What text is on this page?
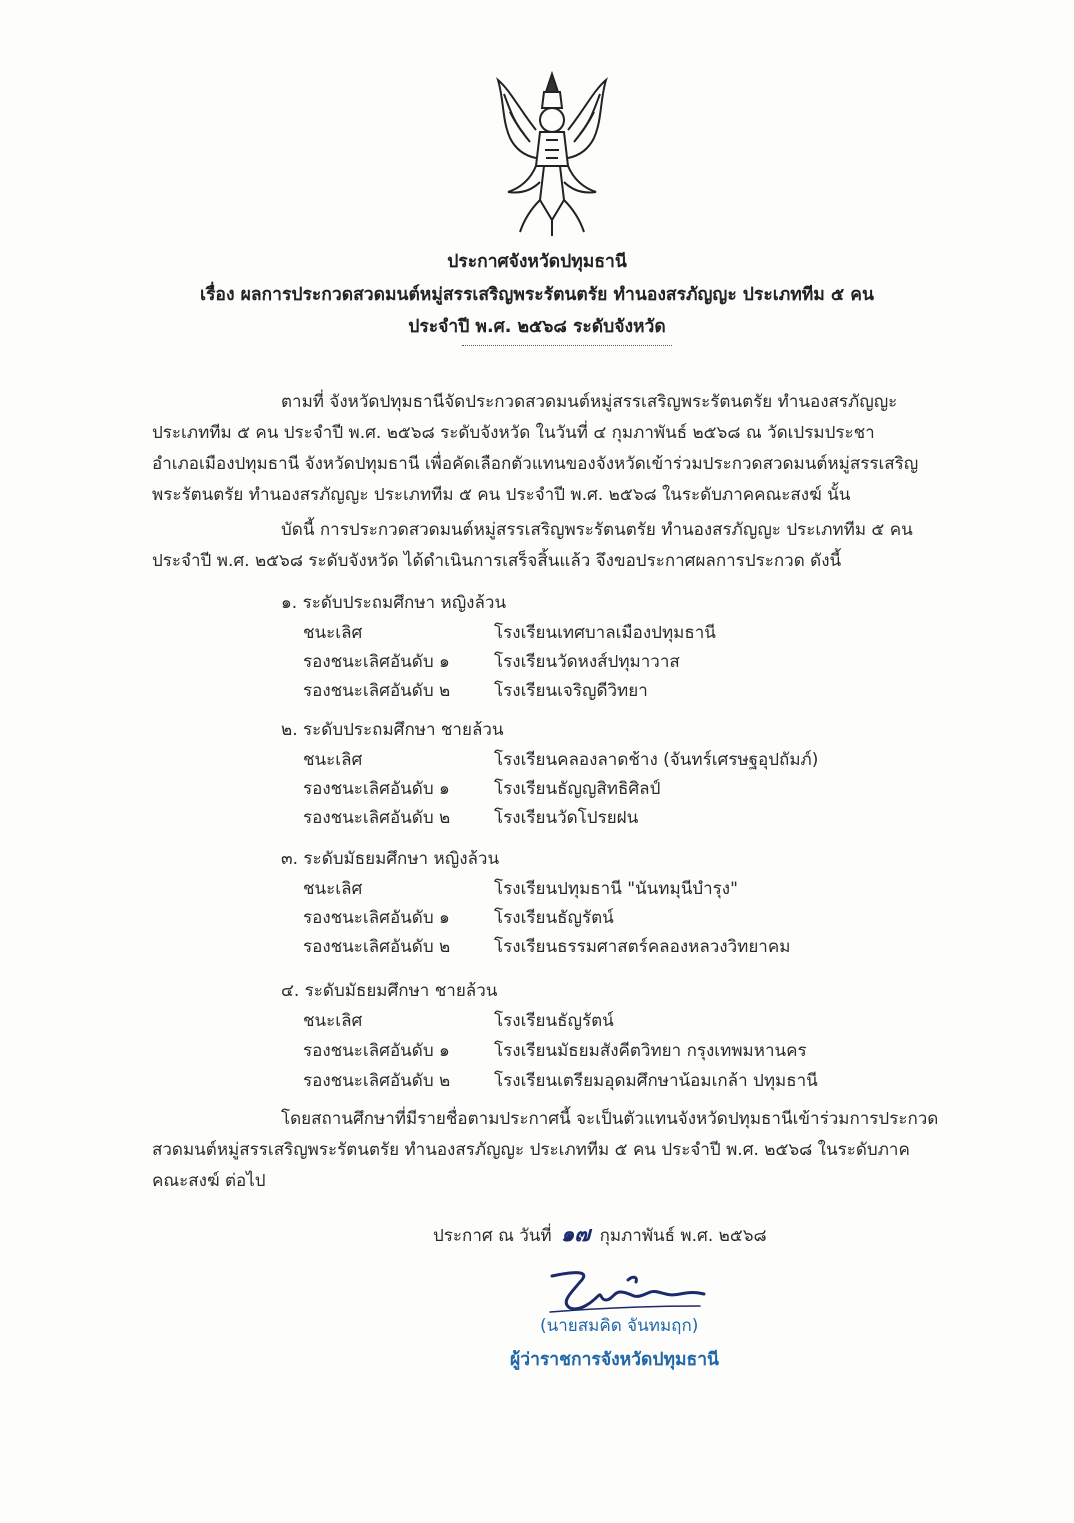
ประกาศจังหวัดปทุมธานี
เรื่อง ผลการประกวดสวดมนต์หมู่สรรเสริญพระรัตนตรัย ทำนองสรภัญญะ ประเภททีม ๕ คน
ประจำปี พ.ศ. ๒๕๖๘ ระดับจังหวัด
ตามที่ จังหวัดปทุมธานีจัดประกวดสวดมนต์หมู่สรรเสริญพระรัตนตรัย ทำนองสรภัญญะ
ประเภททีม ๕ คน ประจำปี พ.ศ. ๒๕๖๘ ระดับจังหวัด ในวันที่ ๔ กุมภาพันธ์ ๒๕๖๘ ณ วัดเปรมประชา
อำเภอเมืองปทุมธานี จังหวัดปทุมธานี เพื่อคัดเลือกตัวแทนของจังหวัดเข้าร่วมประกวดสวดมนต์หมู่สรรเสริญ
พระรัตนตรัย ทำนองสรภัญญะ ประเภททีม ๕ คน ประจำปี พ.ศ. ๒๕๖๘ ในระดับภาคคณะสงฆ์ นั้น
บัดนี้ การประกวดสวดมนต์หมู่สรรเสริญพระรัตนตรัย ทำนองสรภัญญะ ประเภททีม ๕ คน
ประจำปี พ.ศ. ๒๕๖๘ ระดับจังหวัด ได้ดำเนินการเสร็จสิ้นแล้ว จึงขอประกาศผลการประกวด ดังนี้
๑. ระดับประถมศึกษา หญิงล้วน
ชนะเลิศ	โรงเรียนเทศบาลเมืองปทุมธานี
รองชนะเลิศอันดับ ๑	โรงเรียนวัดหงส์ปทุมาวาส
รองชนะเลิศอันดับ ๒	โรงเรียนเจริญดีวิทยา
๒. ระดับประถมศึกษา ชายล้วน
ชนะเลิศ	โรงเรียนคลองลาดช้าง (จันทร์เศรษฐอุปถัมภ์)
รองชนะเลิศอันดับ ๑	โรงเรียนธัญญสิทธิศิลป์
รองชนะเลิศอันดับ ๒	โรงเรียนวัดโปรยฝน
๓. ระดับมัธยมศึกษา หญิงล้วน
ชนะเลิศ	โรงเรียนปทุมธานี "นันทมุนีบำรุง"
รองชนะเลิศอันดับ ๑	โรงเรียนธัญรัตน์
รองชนะเลิศอันดับ ๒	โรงเรียนธรรมศาสตร์คลองหลวงวิทยาคม
๔. ระดับมัธยมศึกษา ชายล้วน
ชนะเลิศ	โรงเรียนธัญรัตน์
รองชนะเลิศอันดับ ๑	โรงเรียนมัธยมสังคีตวิทยา กรุงเทพมหานคร
รองชนะเลิศอันดับ ๒	โรงเรียนเตรียมอุดมศึกษาน้อมเกล้า ปทุมธานี
โดยสถานศึกษาที่มีรายชื่อตามประกาศนี้ จะเป็นตัวแทนจังหวัดปทุมธานีเข้าร่วมการประกวด
สวดมนต์หมู่สรรเสริญพระรัตนตรัย ทำนองสรภัญญะ ประเภททีม ๕ คน ประจำปี พ.ศ. ๒๕๖๘ ในระดับภาค
คณะสงฆ์ ต่อไป
ประกาศ ณ วันที่ ๑๗ กุมภาพันธ์ พ.ศ. ๒๕๖๘
(นายสมคิด จันทมฤก)
ผู้ว่าราชการจังหวัดปทุมธานี
